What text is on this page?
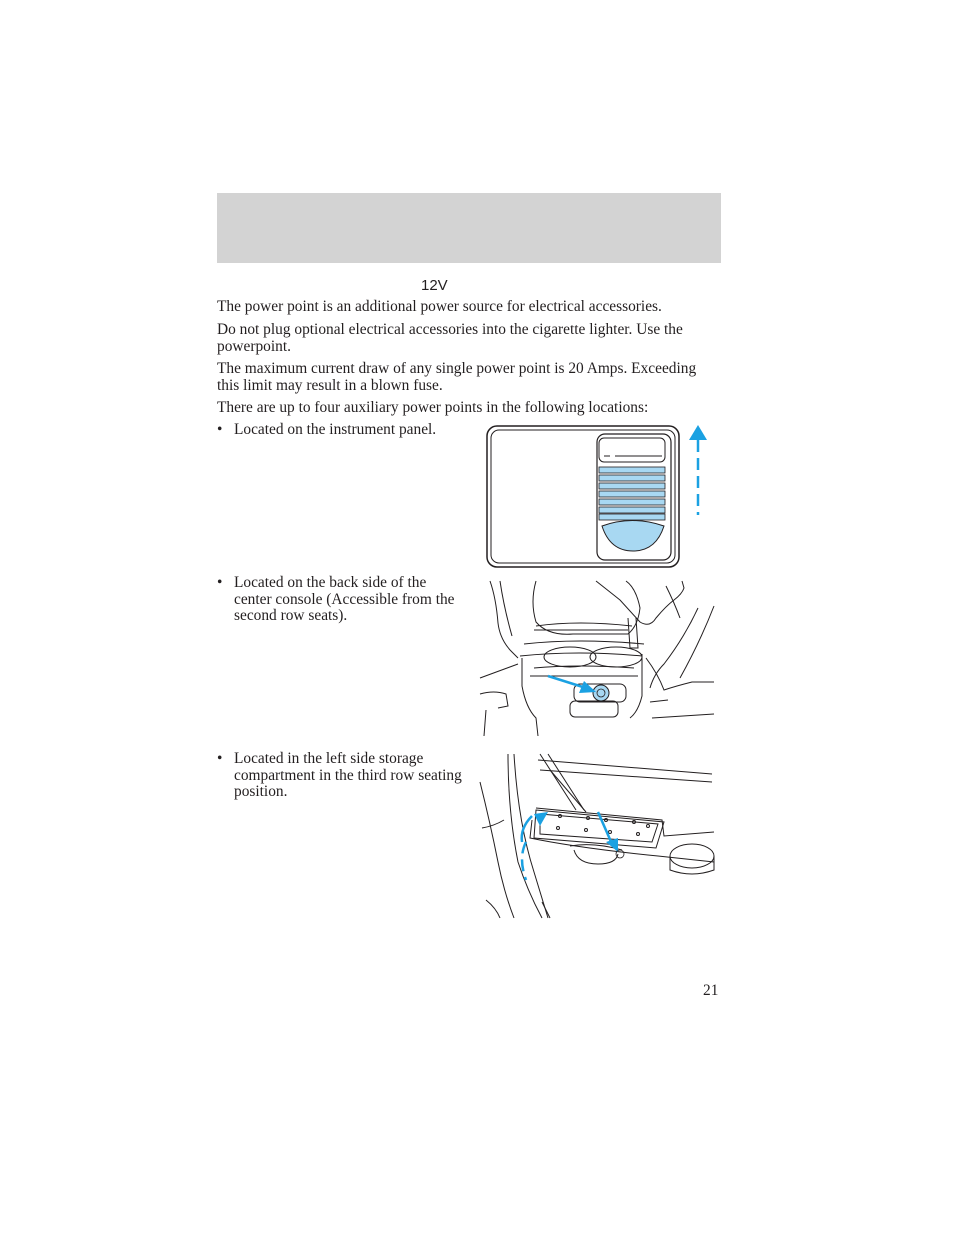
12V

The power point is an additional power source for electrical accessories.

Do not plug optional electrical accessories into the cigarette lighter. Use the powerpoint.

The maximum current draw of any single power point is 20 Amps. Exceeding this limit may result in a blown fuse.

There are up to four auxiliary power points in the following locations:

• Located on the instrument panel.
• Located on the back side of the center console (Accessible from the second row seats).
• Located in the left side storage compartment in the third row seating position.
21
